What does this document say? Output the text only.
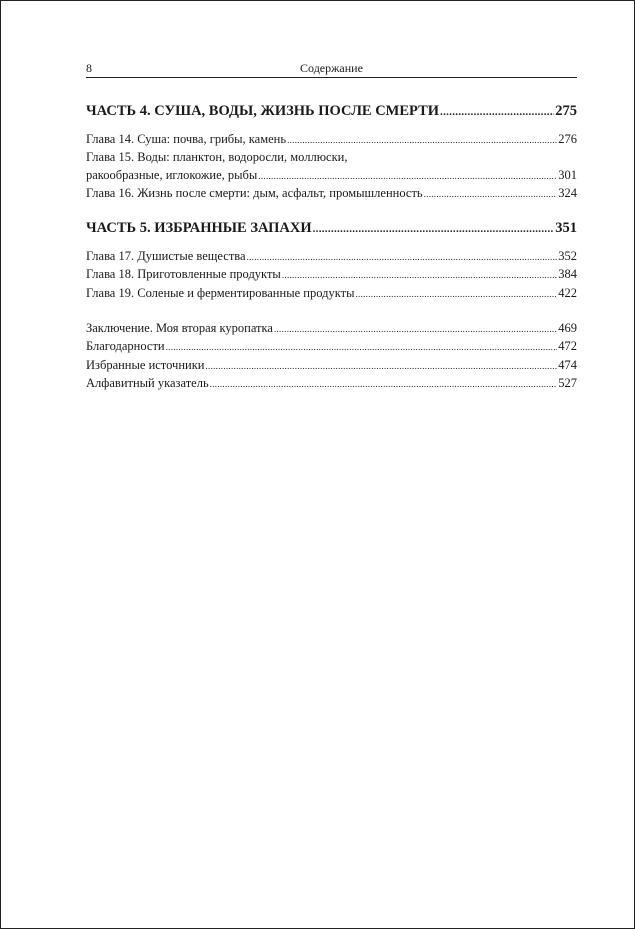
8	Содержание
ЧАСТЬ 4. СУША, ВОДЫ, ЖИЗНЬ ПОСЛЕ СМЕРТИ .....	275
Глава 14. Суша: почва, грибы, камень .....	276
Глава 15. Воды: планктон, водоросли, моллюски,
ракообразные, иглокожие, рыбы .....	301
Глава 16. Жизнь после смерти: дым, асфальт, промышленность .....	324
ЧАСТЬ 5. ИЗБРАННЫЕ ЗАПАХИ .....	351
Глава 17. Душистые вещества .....	352
Глава 18. Приготовленные продукты .....	384
Глава 19. Соленые и ферментированные продукты .....	422
Заключение. Моя вторая куропатка .....	469
Благодарности .....	472
Избранные источники .....	474
Алфавитный указатель .....	527
